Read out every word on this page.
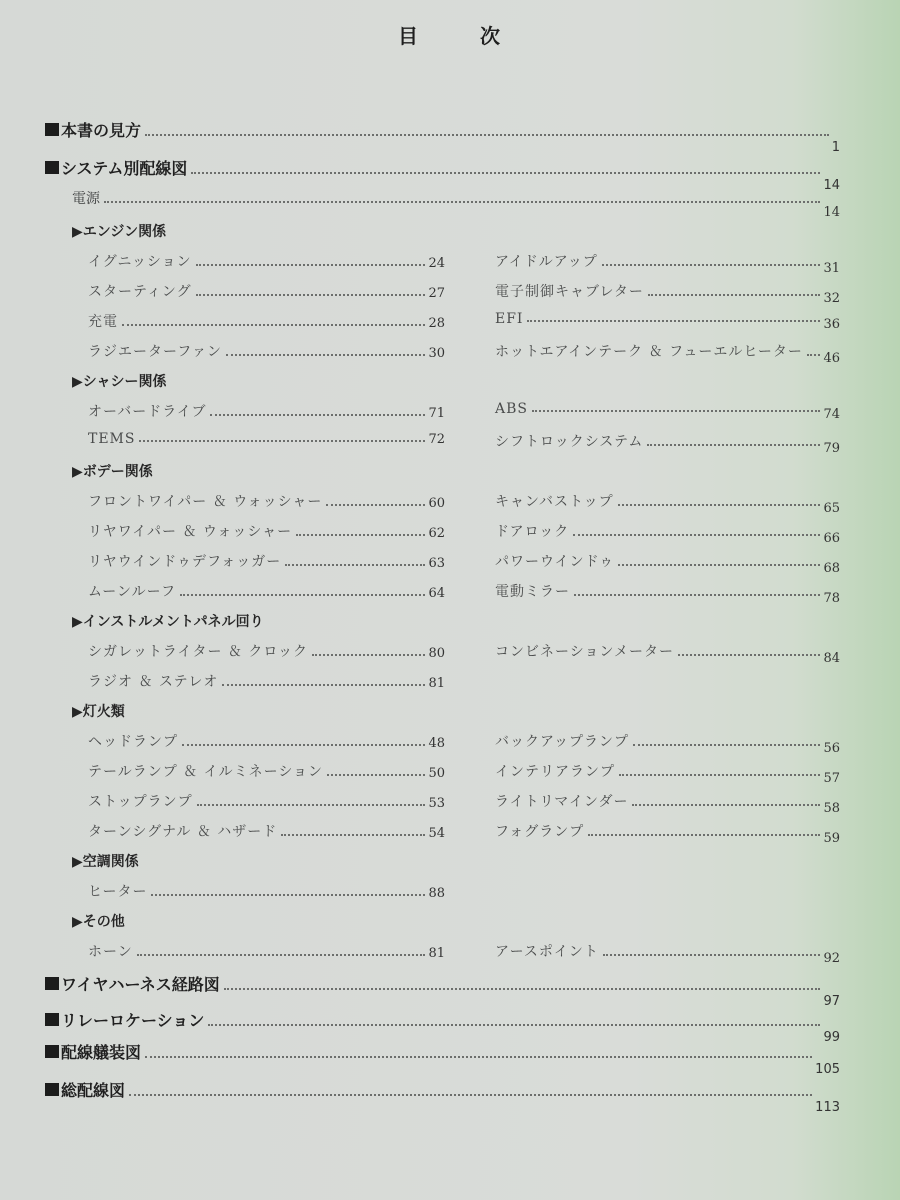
目	次
本書の見方
1
システム別配線図
14
電源
14
▶エンジン関係
イグニッション	24	アイドルアップ	31
スターティング	27	電子制御キャブレター	32
充電	28	EFI	36
ラジエーターファン	30	ホットエアインテーク ＆ フューエルヒーター 46
▶シャシー関係
オーバードライブ	71	ABS	74
TEMS	72	シフトロックシステム	79
▶ボデー関係
フロントワイパー ＆ ウォッシャー	60	キャンバストップ	65
リヤワイパー ＆ ウォッシャー	62	ドアロック	66
リヤウインドゥデフォッガー	63	パワーウインドゥ	68
ムーンルーフ	64	電動ミラー	78
▶インストルメントパネル回り
シガレットライター ＆ クロック	80	コンビネーションメーター	84
ラジオ ＆ ステレオ	81
▶灯火類
ヘッドランプ	48	バックアップランプ	56
テールランプ ＆ イルミネーション	50	インテリアランプ	57
ストップランプ	53	ライトリマインダー	58
ターンシグナル ＆ ハザード	54	フォグランプ	59
▶空調関係
ヒーター	88
▶その他
ホーン	81	アースポイント	92
ワイヤハーネス経路図
97
リレーロケーション
99
配線艤装図
105
総配線図
113
